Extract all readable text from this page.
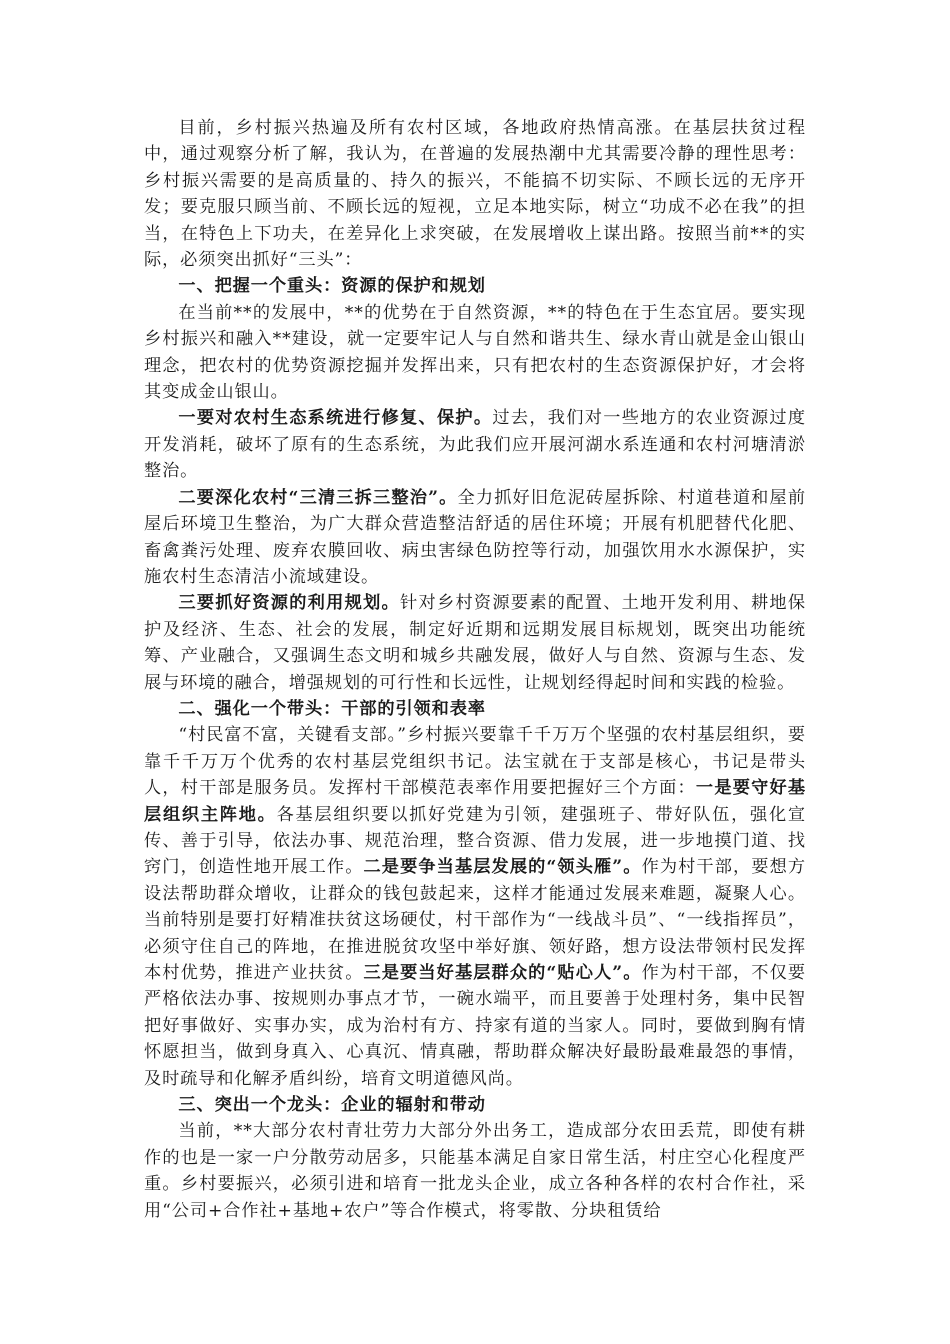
目前，乡村振兴热遍及所有农村区域，各地政府热情高涨。在基层扶贫过程中，通过观察分析了解，我认为，在普遍的发展热潮中尤其需要冷静的理性思考：乡村振兴需要的是高质量的、持久的振兴，不能搞不切实际、不顾长远的无序开发；要克服只顾当前、不顾长远的短视，立足本地实际，树立“功成不必在我”的担当，在特色上下功夫，在差异化上求突破，在发展增收上谋出路。按照当前**的实际，必须突出抓好“三头”：

一、把握一个重头：资源的保护和规划

在当前**的发展中，**的优势在于自然资源，**的特色在于生态宜居。要实现乡村振兴和融入**建设，就一定要牢记人与自然和谐共生、绿水青山就是金山银山理念，把农村的优势资源挖掘并发挥出来，只有把农村的生态资源保护好，才会将其变成金山银山。

一要对农村生态系统进行修复、保护。过去，我们对一些地方的农业资源过度开发消耗，破坏了原有的生态系统，为此我们应开展河湖水系连通和农村河塘清淤整治。

二要深化农村“三清三拆三整治”。全力抓好旧危泥砖屋拆除、村道巷道和屋前屋后环境卫生整治，为广大群众营造整洁舒适的居住环境；开展有机肥替代化肥、畜禽粪污处理、废弃农膜回收、病虫害绿色防控等行动，加强饮用水水源保护，实施农村生态清洁小流域建设。

三要抓好资源的利用规划。针对乡村资源要素的配置、土地开发利用、耕地保护及经济、生态、社会的发展，制定好近期和远期发展目标规划，既突出功能统筹、产业融合，又强调生态文明和城乡共融发展，做好人与自然、资源与生态、发展与环境的融合，增强规划的可行性和长远性，让规划经得起时间和实践的检验。

二、强化一个带头：干部的引领和表率

“村民富不富，关键看支部。”乡村振兴要靠千千万万个坚强的农村基层组织，要靠千千万万个优秀的农村基层党组织书记。法宝就在于支部是核心，书记是带头人，村干部是服务员。发挥村干部模范表率作用要把握好三个方面：一是要守好基层组织主阵地。各基层组织要以抓好党建为引领，建强班子、带好队伍，强化宣传、善于引导，依法办事、规范治理，整合资源、借力发展，进一步地摸门道、找窍门，创造性地开展工作。二是要争当基层发展的“领头雁”。作为村干部，要想方设法帮助群众增收，让群众的钱包鼓起来，这样才能通过发展来难题，凝聚人心。当前特别是要打好精准扶贫这场硬仗，村干部作为“一线战斗员”、“一线指挥员”，必须守住自己的阵地，在推进脱贫攻坚中举好旗、领好路，想方设法带领村民发挥本村优势，推进产业扶贫。三是要当好基层群众的“贴心人”。作为村干部，不仅要严格依法办事、按规则办事点才节，一碗水端平，而且要善于处理村务，集中民智把好事做好、实事办实，成为治村有方、持家有道的当家人。同时，要做到胸有情怀愿担当，做到身真入、心真沉、情真融，帮助群众解决好最盼最难最怨的事情，及时疏导和化解矛盾纠纷，培育文明道德风尚。

三、突出一个龙头：企业的辐射和带动

当前，**大部分农村青壮劳力大部分外出务工，造成部分农田丢荒，即使有耕作的也是一家一户分散劳动居多，只能基本满足自家日常生活，村庄空心化程度严重。乡村要振兴，必须引进和培育一批龙头企业，成立各种各样的农村合作社，采用“公司+合作社+基地+农户”等合作模式，将零散、分块租赁给
